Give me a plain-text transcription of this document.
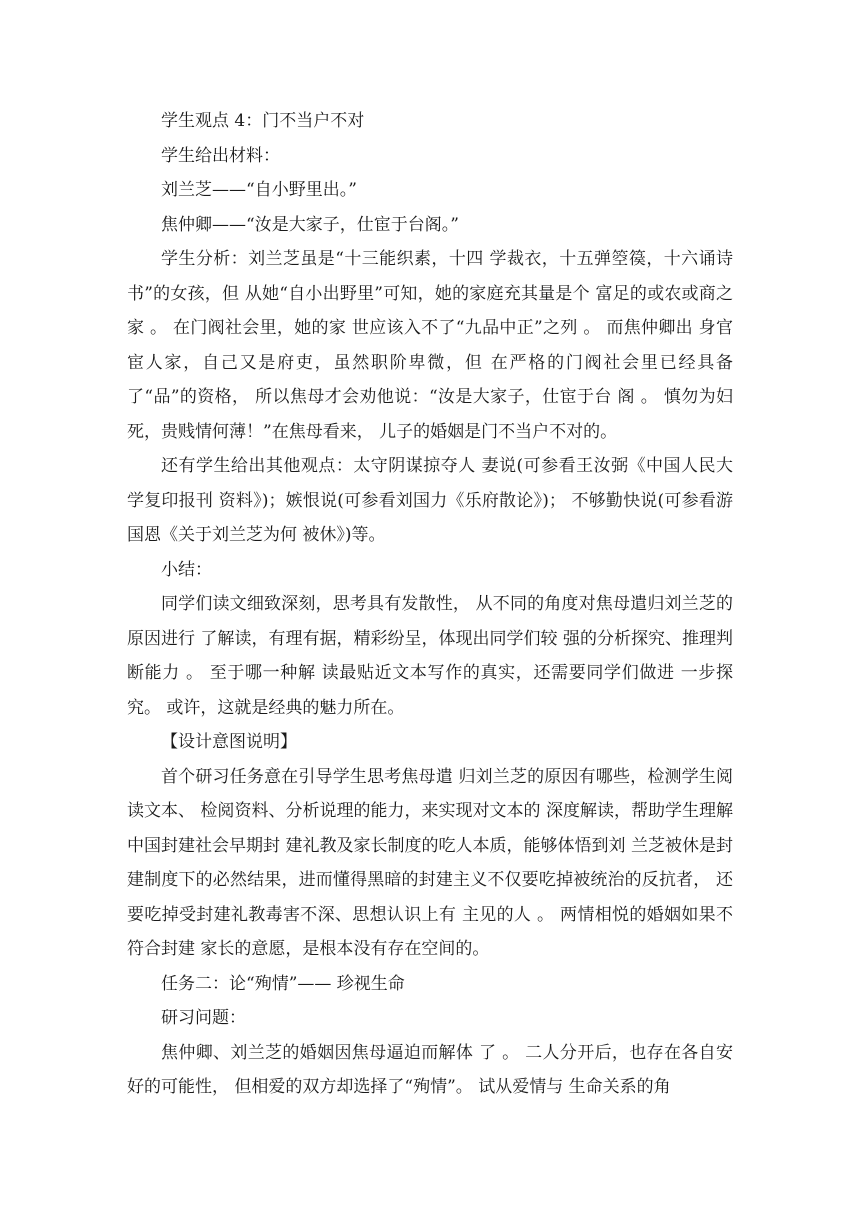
学生观点 4：门不当户不对

学生给出材料：

刘兰芝——“自小野里出。”

焦仲卿——“汝是大家子，仕宦于台阁。”

学生分析：刘兰芝虽是“十三能织素，十四 学裁衣，十五弹箜篌，十六诵诗书”的女孩，但 从她“自小出野里”可知，她的家庭充其量是个 富足的或农或商之家 。 在门阀社会里，她的家 世应该入不了“九品中正”之列 。 而焦仲卿出 身官宦人家，自己又是府吏，虽然职阶卑微，但 在严格的门阀社会里已经具备了“品”的资格， 所以焦母才会劝他说：“汝是大家子，仕宦于台 阁 。 慎勿为妇死，贵贱情何薄！”在焦母看来， 儿子的婚姻是门不当户不对的。

还有学生给出其他观点：太守阴谋掠夺人 妻说(可参看王汝弼《中国人民大学复印报刊 资料》)；嫉恨说(可参看刘国力《乐府散论》)； 不够勤快说(可参看游国恩《关于刘兰芝为何 被休》)等。

小结：

同学们读文细致深刻，思考具有发散性， 从不同的角度对焦母遣归刘兰芝的原因进行 了解读，有理有据，精彩纷呈，体现出同学们较 强的分析探究、推理判断能力 。 至于哪一种解 读最贴近文本写作的真实，还需要同学们做进 一步探究。 或许，这就是经典的魅力所在。

【设计意图说明】

首个研习任务意在引导学生思考焦母遣 归刘兰芝的原因有哪些，检测学生阅读文本、 检阅资料、分析说理的能力，来实现对文本的 深度解读，帮助学生理解中国封建社会早期封 建礼教及家长制度的吃人本质，能够体悟到刘 兰芝被休是封建制度下的必然结果，进而懂得黑暗的封建主义不仅要吃掉被统治的反抗者， 还要吃掉受封建礼教毒害不深、思想认识上有 主见的人 。 两情相悦的婚姻如果不符合封建 家长的意愿，是根本没有存在空间的。

任务二：论“殉情”—— 珍视生命

研习问题：

焦仲卿、刘兰芝的婚姻因焦母逼迫而解体 了 。 二人分开后，也存在各自安好的可能性， 但相爱的双方却选择了“殉情”。 试从爱情与 生命关系的角
